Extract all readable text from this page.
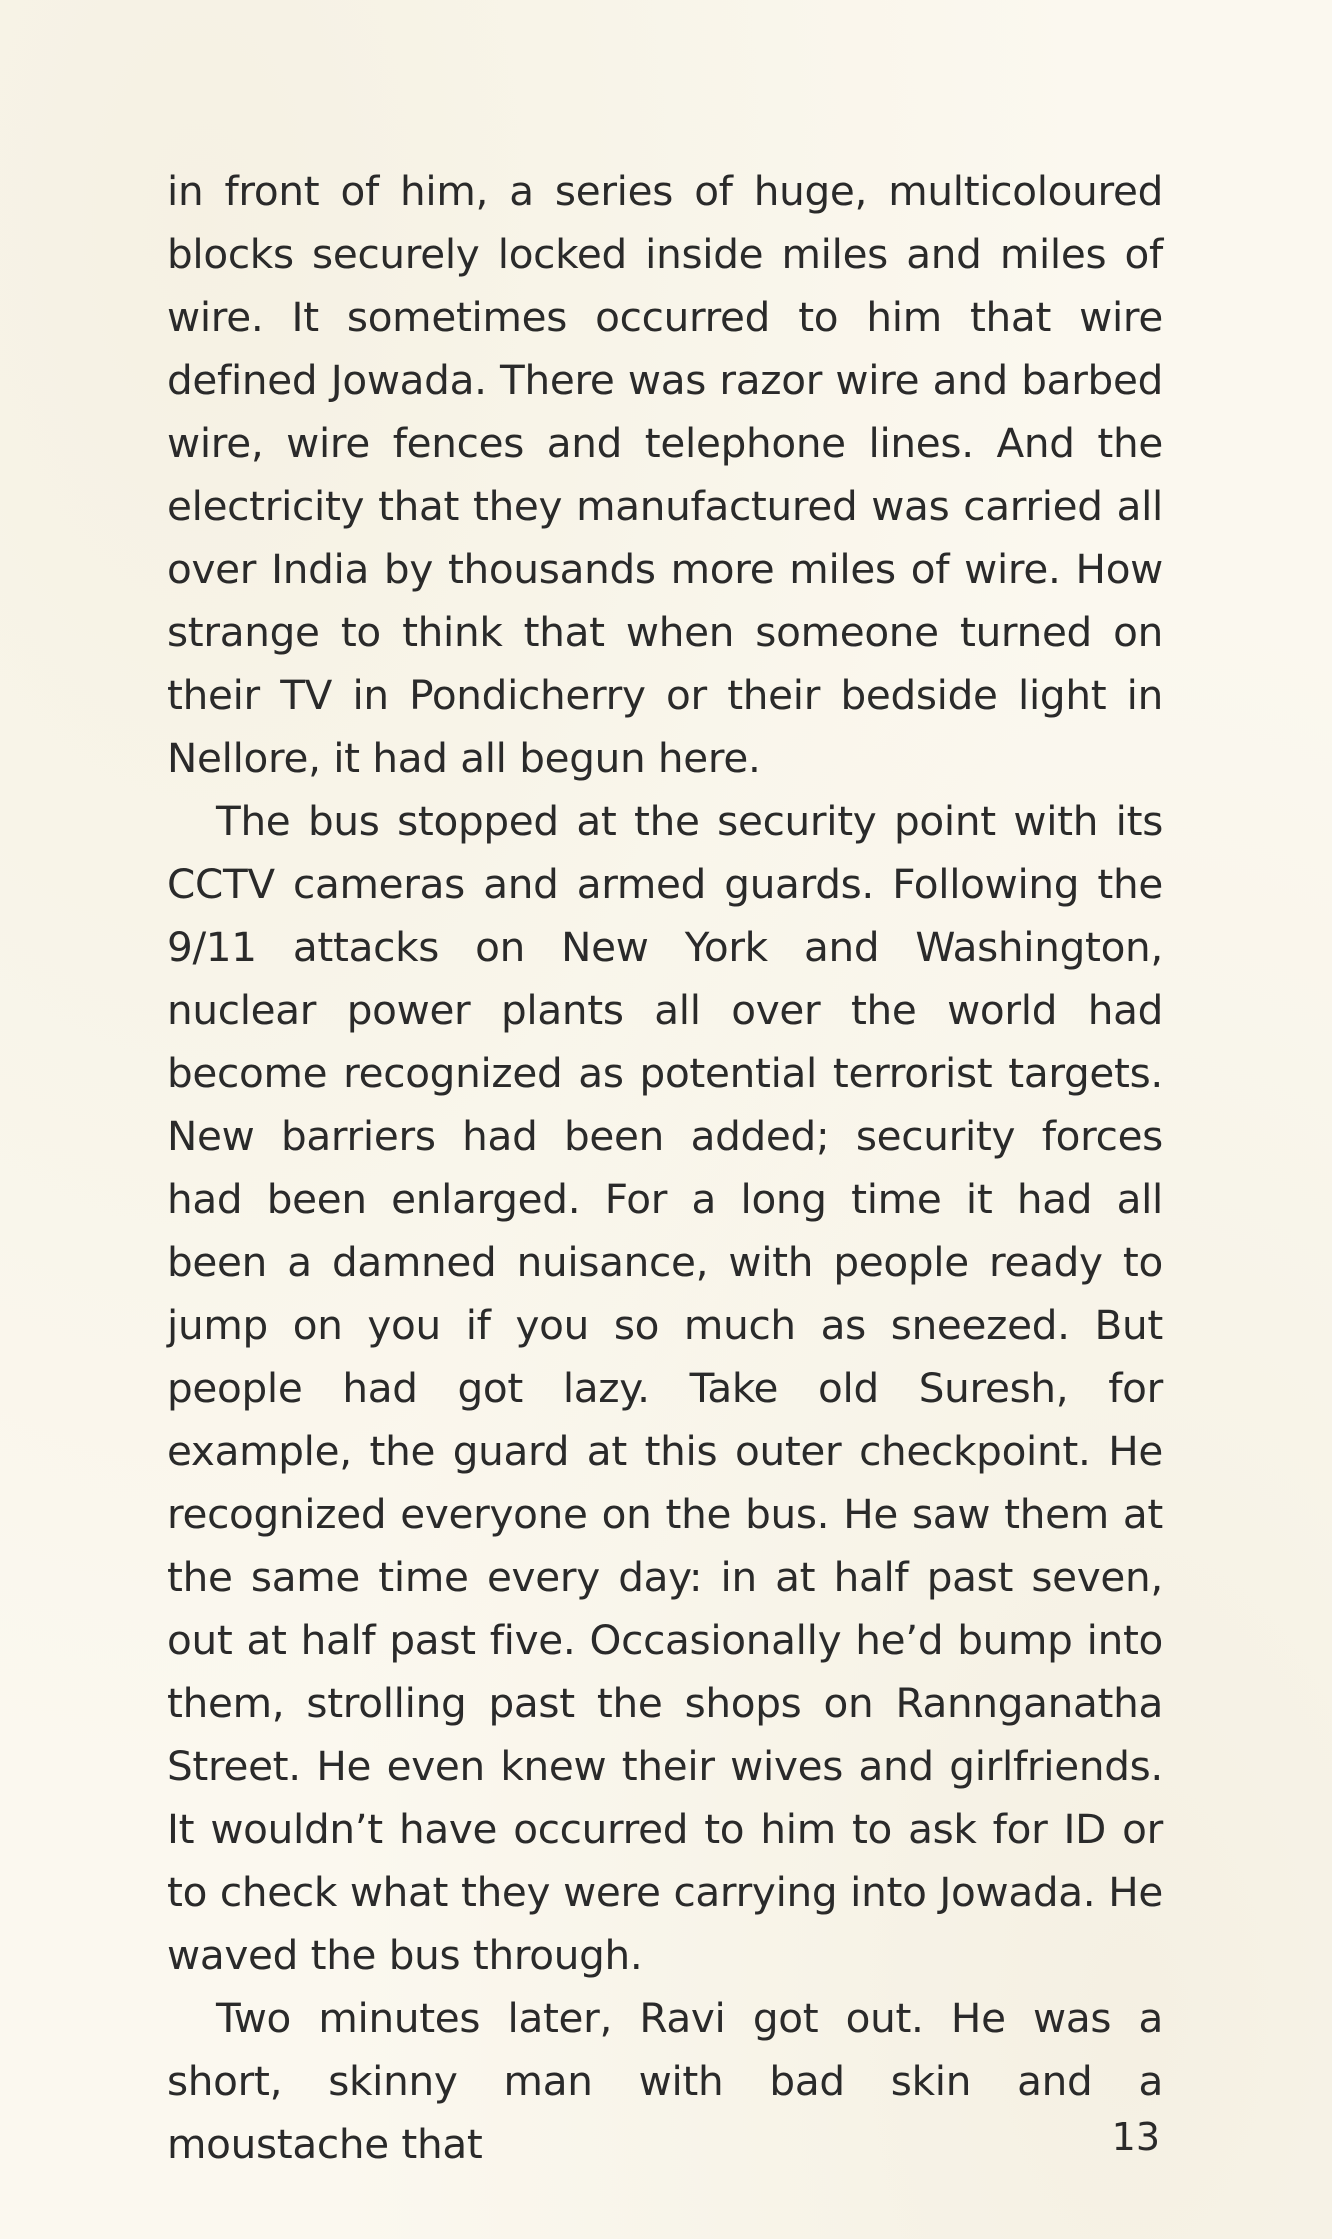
in front of him, a series of huge, multicoloured blocks securely locked inside miles and miles of wire. It sometimes occurred to him that wire defined Jowada. There was razor wire and barbed wire, wire fences and telephone lines. And the electricity that they manufactured was carried all over India by thousands more miles of wire. How strange to think that when someone turned on their TV in Pondicherry or their bedside light in Nellore, it had all begun here.

The bus stopped at the security point with its CCTV cameras and armed guards. Following the 9/11 attacks on New York and Washington, nuclear power plants all over the world had become recognized as potential terrorist targets. New barriers had been added; security forces had been enlarged. For a long time it had all been a damned nuisance, with people ready to jump on you if you so much as sneezed. But people had got lazy. Take old Suresh, for example, the guard at this outer checkpoint. He recognized everyone on the bus. He saw them at the same time every day: in at half past seven, out at half past five. Occasionally he’d bump into them, strolling past the shops on Rannganatha Street. He even knew their wives and girlfriends. It wouldn’t have occurred to him to ask for ID or to check what they were carrying into Jowada. He waved the bus through.

Two minutes later, Ravi got out. He was a short, skinny man with bad skin and a moustache that	13
